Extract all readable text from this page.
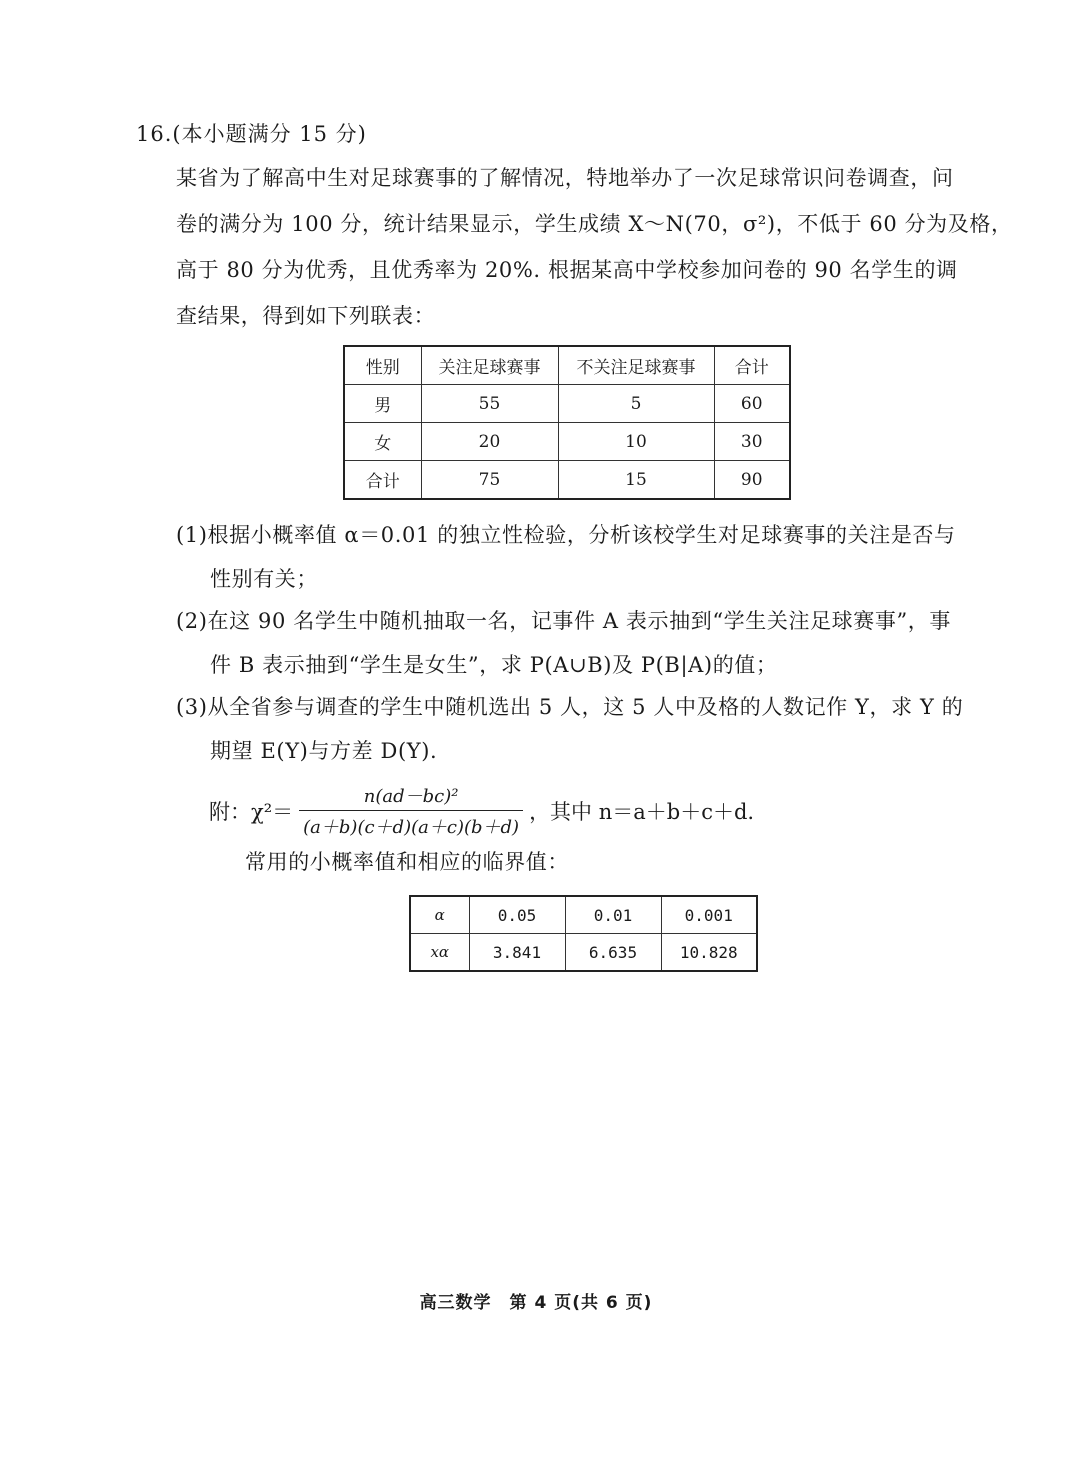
16.(本小题满分 15 分)
某省为了解高中生对足球赛事的了解情况，特地举办了一次足球常识问卷调查，问
卷的满分为 100 分，统计结果显示，学生成绩 X～N(70，σ²)，不低于 60 分为及格，
高于 80 分为优秀，且优秀率为 20%. 根据某高中学校参加问卷的 90 名学生的调
查结果，得到如下列联表：
性别	关注足球赛事	不关注足球赛事	合计
男	55	5	60
女	20	10	30
合计	75	15	90
(1)根据小概率值 α＝0.01 的独立性检验，分析该校学生对足球赛事的关注是否与
性别有关；
(2)在这 90 名学生中随机抽取一名，记事件 A 表示抽到“学生关注足球赛事”，事
件 B 表示抽到“学生是女生”，求 P(A∪B)及 P(B|A)的值；
(3)从全省参与调查的学生中随机选出 5 人，这 5 人中及格的人数记作 Y，求 Y 的
期望 E(Y)与方差 D(Y).
附：$\chi^2= \frac{\text{n(ad－bc)²}}{(a+b)(c+d)(a+c)(b+d)}$ ，其中 n＝a＋b＋c＋d.
常用的小概率值和相应的临界值：
α	0.05	0.01	0.001
xα	3.841	6.635	10.828
高三数学　第 4 页(共 6 页)
